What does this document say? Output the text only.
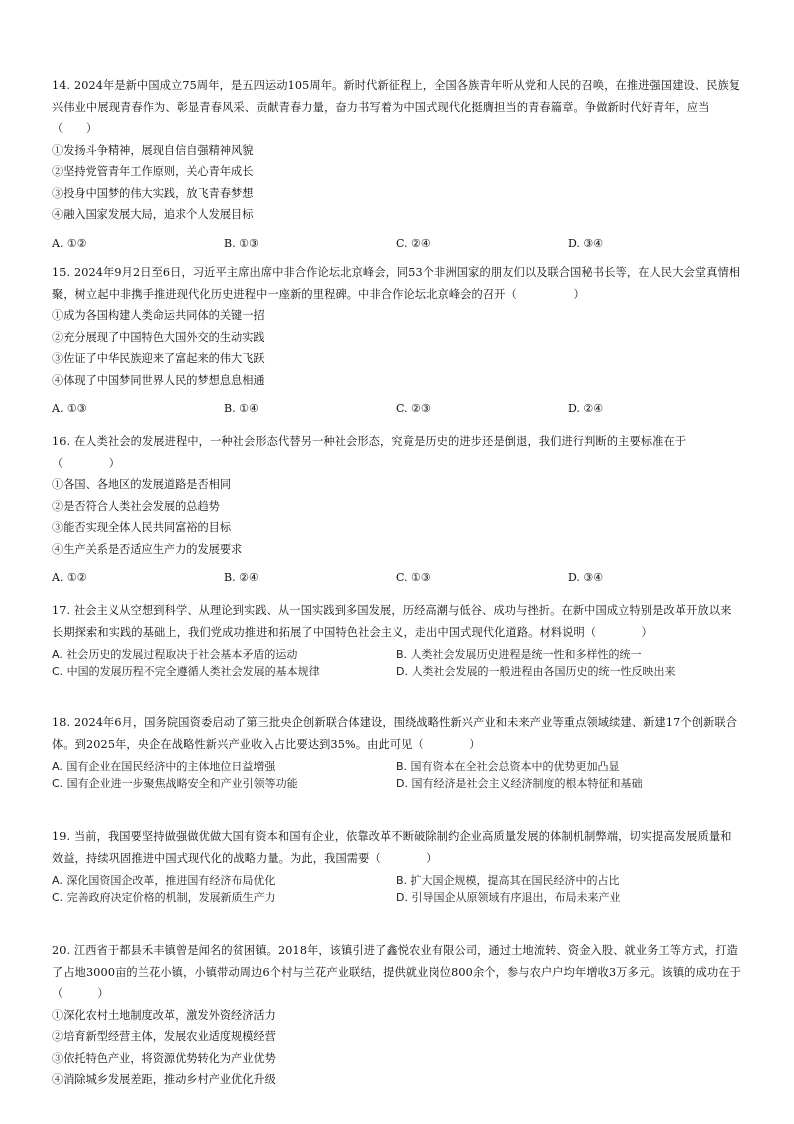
14. 2024年是新中国成立75周年，是五四运动105周年。新时代新征程上，全国各族青年听从党和人民的召唤，在推进强国建设、民族复兴伟业中展现青春作为、彰显青春风采、贡献青春力量，奋力书写着为中国式现代化挺膺担当的青春篇章。争做新时代好青年，应当（　　）
①发扬斗争精神，展现自信自强精神风貌
②坚持党管青年工作原则，关心青年成长
③投身中国梦的伟大实践，放飞青春梦想
④融入国家发展大局，追求个人发展目标
A. ①②	B. ①③	C. ②④	D. ③④
15. 2024年9月2日至6日，习近平主席出席中非合作论坛北京峰会，同53个非洲国家的朋友们以及联合国秘书长等，在人民大会堂真情相聚，树立起中非携手推进现代化历史进程中一座新的里程碑。中非合作论坛北京峰会的召开（　　　　　）
①成为各国构建人类命运共同体的关键一招
②充分展现了中国特色大国外交的生动实践
③佐证了中华民族迎来了富起来的伟大飞跃
④体现了中国梦同世界人民的梦想息息相通
A. ①③	B. ①④	C. ②③	D. ②④
16. 在人类社会的发展进程中，一种社会形态代替另一种社会形态，究竟是历史的进步还是倒退，我们进行判断的主要标准在于（　　　　）
①各国、各地区的发展道路是否相同
②是否符合人类社会发展的总趋势
③能否实现全体人民共同富裕的目标
④生产关系是否适应生产力的发展要求
A. ①②	B. ②④	C. ①③	D. ③④
17. 社会主义从空想到科学、从理论到实践、从一国实践到多国发展，历经高潮与低谷、成功与挫折。在新中国成立特别是改革开放以来长期探索和实践的基础上，我们党成功推进和拓展了中国特色社会主义，走出中国式现代化道路。材料说明（　　　　）
A. 社会历史的发展过程取决于社会基本矛盾的运动	B. 人类社会发展历史进程是统一性和多样性的统一
C. 中国的发展历程不完全遵循人类社会发展的基本规律	D. 人类社会发展的一般进程由各国历史的统一性反映出来
18. 2024年6月，国务院国资委启动了第三批央企创新联合体建设，围绕战略性新兴产业和未来产业等重点领域续建、新建17个创新联合体。到2025年，央企在战略性新兴产业收入占比要达到35%。由此可见（　　　　）
A. 国有企业在国民经济中的主体地位日益增强	B. 国有资本在全社会总资本中的优势更加凸显
C. 国有企业进一步聚焦战略安全和产业引领等功能	D. 国有经济是社会主义经济制度的根本特征和基础
19. 当前，我国要坚持做强做优做大国有资本和国有企业，依靠改革不断破除制约企业高质量发展的体制机制弊端，切实提高发展质量和效益，持续巩固推进中国式现代化的战略力量。为此，我国需要（　　　　）
A. 深化国资国企改革，推进国有经济布局优化	B. 扩大国企规模，提高其在国民经济中的占比
C. 完善政府决定价格的机制，发展新质生产力	D. 引导国企从原领域有序退出，布局未来产业
20. 江西省于都县禾丰镇曾是闻名的贫困镇。2018年，该镇引进了鑫悦农业有限公司，通过土地流转、资金入股、就业务工等方式，打造了占地3000亩的兰花小镇，小镇带动周边6个村与兰花产业联结，提供就业岗位800余个，参与农户户均年增收3万多元。该镇的成功在于（　　　）
①深化农村土地制度改革，激发外资经济活力
②培育新型经营主体，发展农业适度规模经营
③依托特色产业，将资源优势转化为产业优势
④消除城乡发展差距，推动乡村产业优化升级
